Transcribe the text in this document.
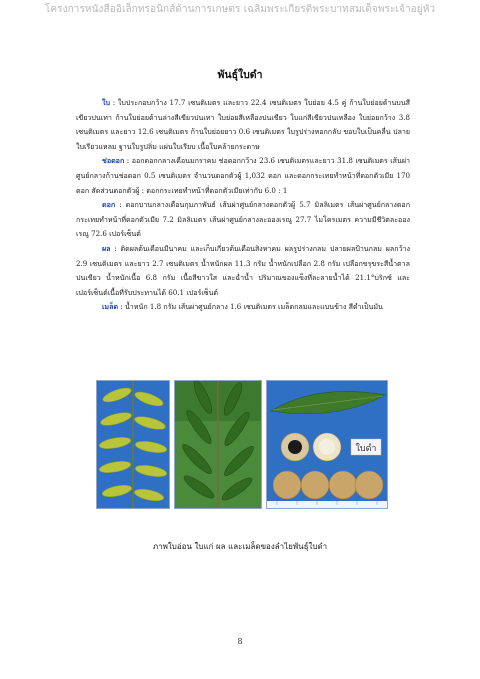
โครงการหนังสืออิเล็กทรอนิกส์ด้านการเกษตร เฉลิมพระเกียรติพระบาทสมเด็จพระเจ้าอยู่หัว
พันธุ์ใบดำ

ใบ : ใบประกอบกว้าง 17.7 เซนติเมตร และยาว 22.4 เซนติเมตร ใบย่อย 4.5 คู่ ก้านใบย่อยด้านบนสีเขียวปนเทา ก้านใบย่อยด้านล่างสีเขียวปนเทา ใบย่อยสีเหลืองปนเขียว ใบแก่สีเขียวปนเหลือง ใบย่อยกว้าง 3.8 เซนติเมตร และยาว 12.6 เซนติเมตร ก้านใบย่อยยาว 0.6 เซนติเมตร ใบรูปร่างหอกกลับ ขอบใบเป็นคลื่น ปลายใบเรียวแหลม ฐานใบรูปลิ่ม แผ่นใบเรียบ เนื้อใบคล้ายกระดาษ

ช่อดอก : ออกดอกกลางเดือนมกราคม ช่อดอกกว้าง 23.6 เซนติเมตรและยาว 31.8 เซนติเมตร เส้นผ่าศูนย์กลางก้านช่อดอก 0.5 เซนติเมตร จำนวนดอกตัวผู้ 1,032 ดอก และดอกกระเทยทำหน้าที่ดอกตัวเมีย 170 ดอก สัดส่วนดอกตัวผู้ : ดอกกระเทยทำหน้าที่ดอกตัวเมียเท่ากับ 6.0 : 1

ดอก : ดอกบานกลางเดือนกุมภาพันธ์ เส้นผ่าศูนย์กลางดอกตัวผู้ 5.7 มิลลิเมตร เส้นผ่าศูนย์กลางดอกกระเทยทำหน้าที่ดอกตัวเมีย 7.2 มิลลิเมตร เส้นผ่าศูนย์กลางละอองเรณู 27.7 ไมโครเมตร ความมีชีวิตละอองเรณู 72.6 เปอร์เซ็นต์

ผล : ติดผลต้นเดือนมีนาคม และเก็บเกี่ยวต้นเดือนสิงหาคม ผลรูปร่างกลม ปลายผลป้านกลม ผลกว้าง 2.9 เซนติเมตร และยาว 2.7 เซนติเมตร น้ำหนักผล 11.3 กรัม น้ำหนักเปลือก 2.8 กรัม เปลือกขรุขระสีน้ำตาลปนเขียว น้ำหนักเนื้อ 6.8 กรัม เนื้อสีขาวใส และฉ่ำน้ำ ปริมาณของแข็งที่ละลายน้ำได้ 21.1°บริกซ์ และเปอร์เซ็นต์เนื้อที่รับประทานได้ 60.1 เปอร์เซ็นต์

เมล็ด : น้ำหนัก 1.8 กรัม เส้นผ่าศูนย์กลาง 1.6 เซนติเมตร เมล็ดกลมและแบนข้าง สีดำเป็นมัน

ใบดำ
ภาพใบอ่อน ใบแก่ ผล และเมล็ดของลำไยพันธุ์ใบดำ
8
